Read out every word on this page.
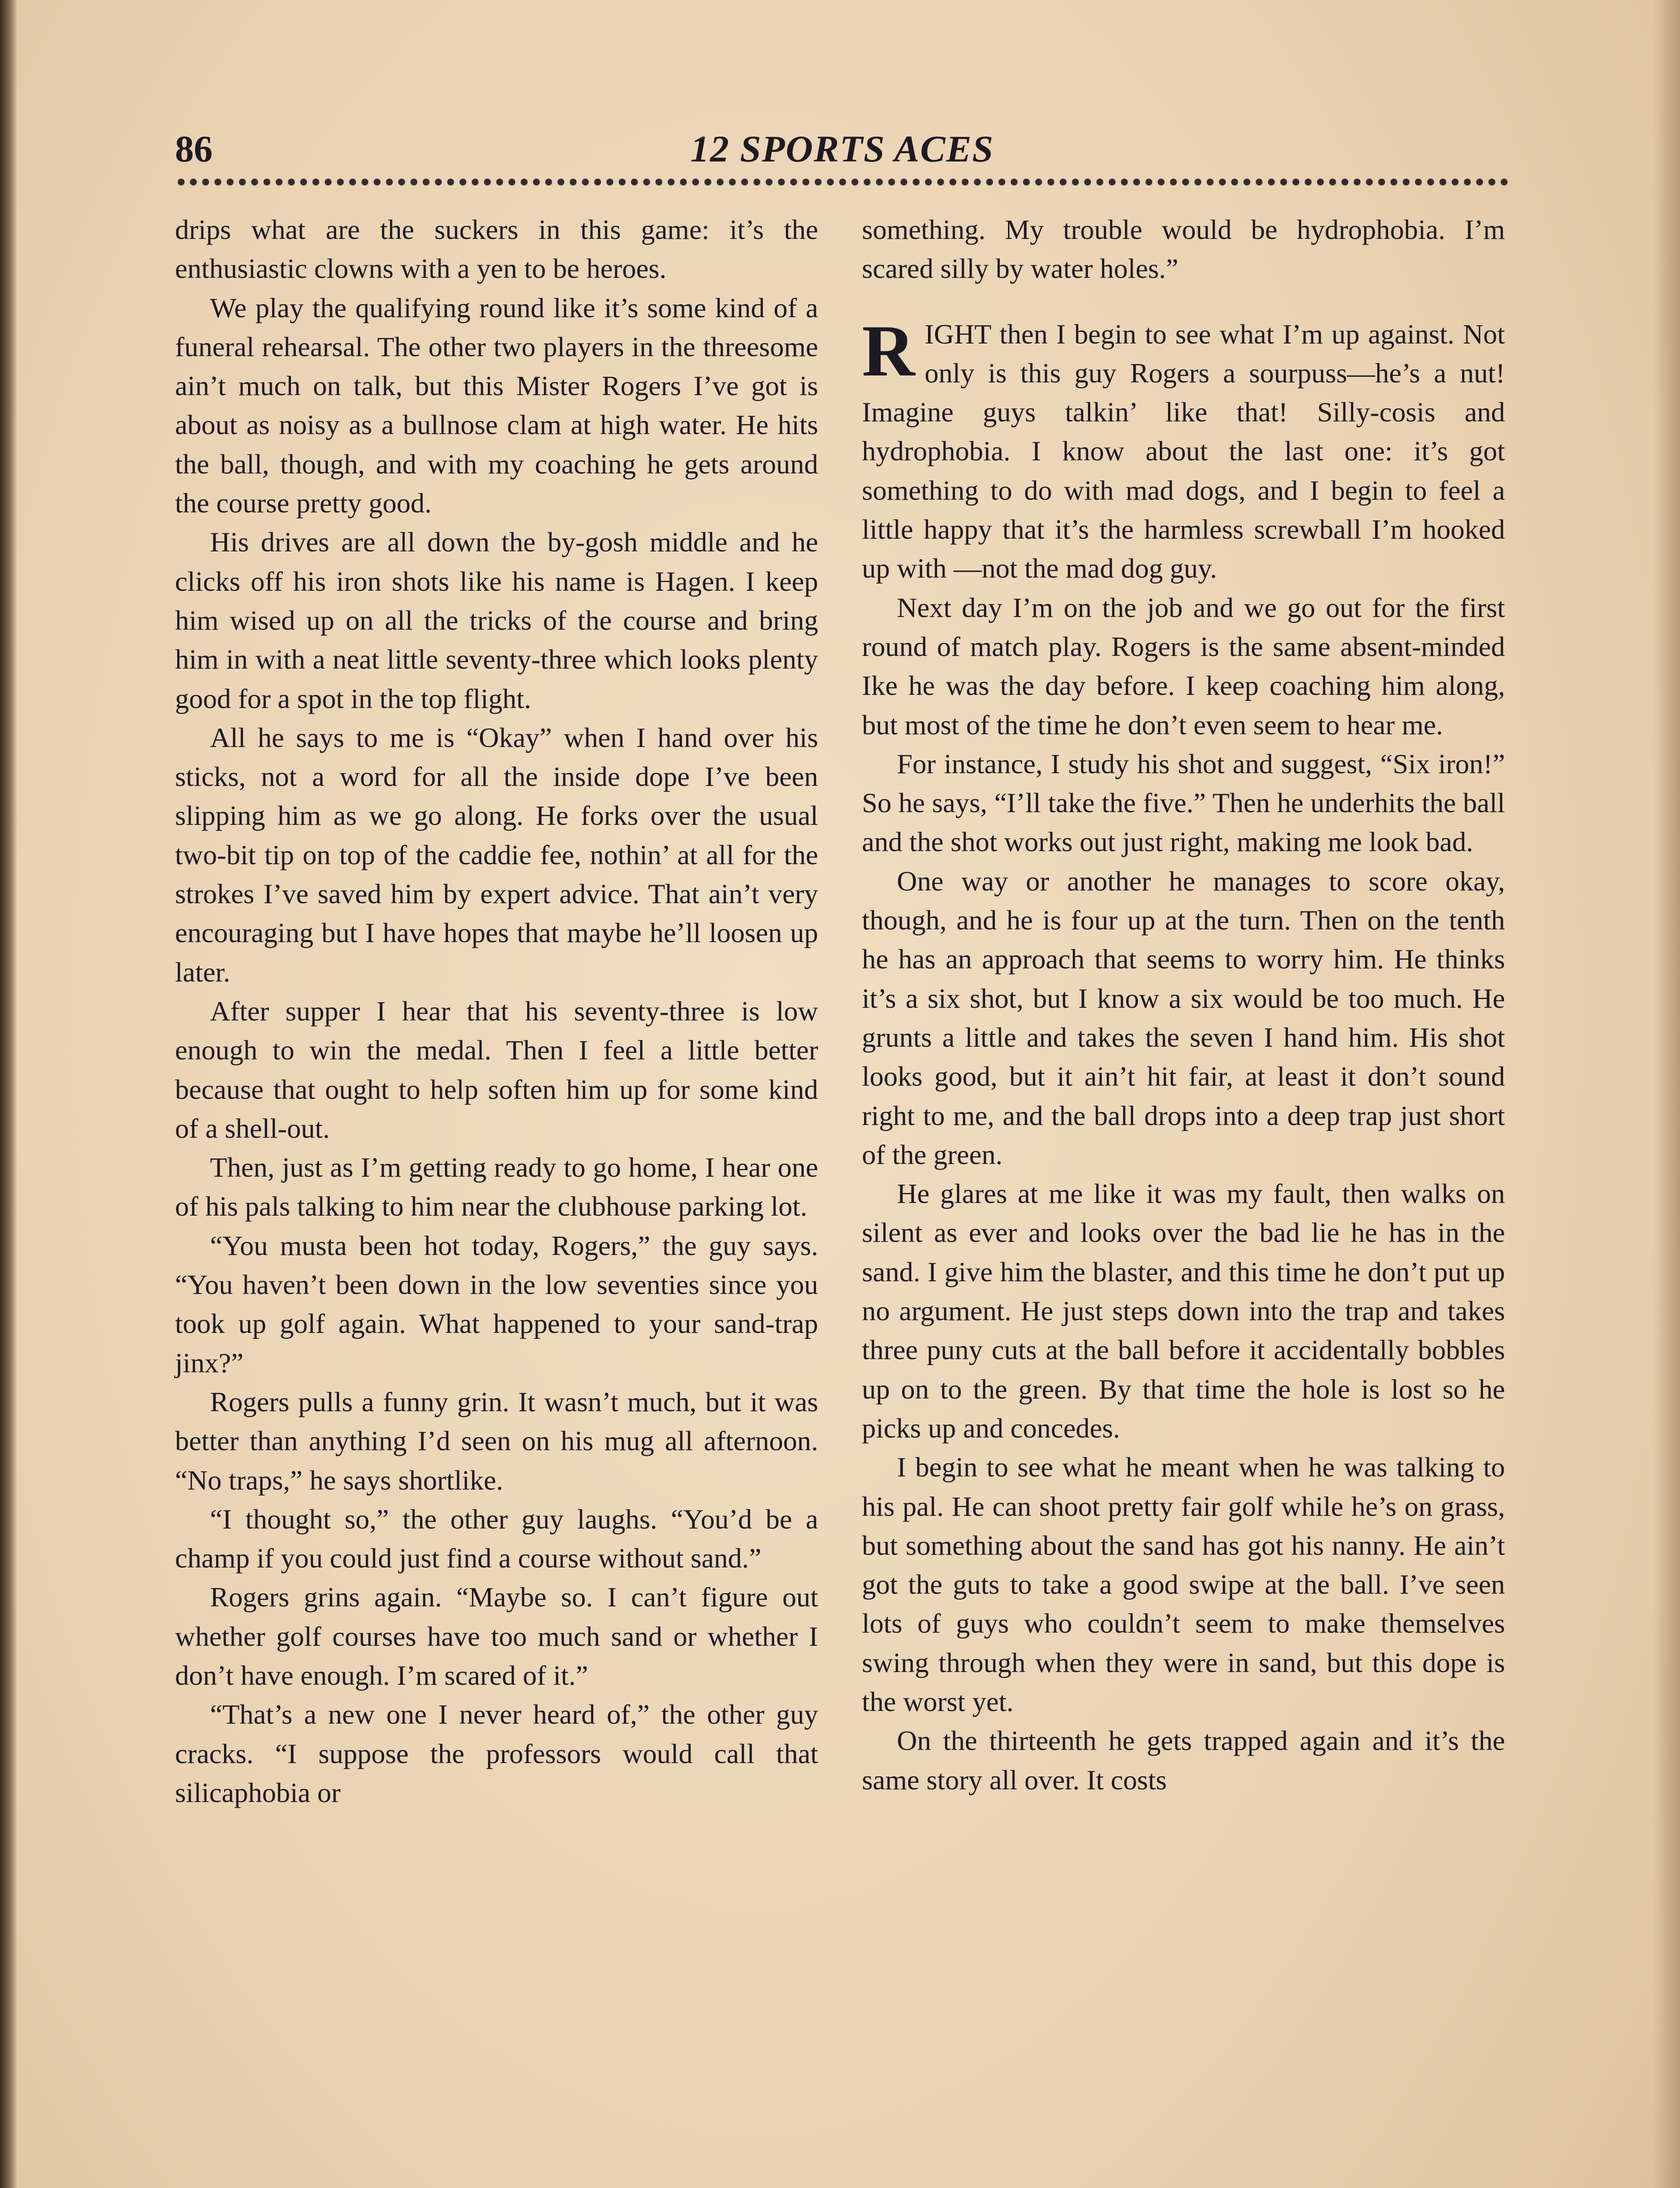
86	12 SPORTS ACES

drips what are the suckers in this game: it’s the enthusiastic clowns with a yen to be heroes.

We play the qualifying round like it’s some kind of a funeral rehearsal. The other two players in the threesome ain’t much on talk, but this Mister Rogers I’ve got is about as noisy as a bullnose clam at high water. He hits the ball, though, and with my coaching he gets around the course pretty good.

His drives are all down the by-gosh middle and he clicks off his iron shots like his name is Hagen. I keep him wised up on all the tricks of the course and bring him in with a neat little seventy-three which looks plenty good for a spot in the top flight.

All he says to me is “Okay” when I hand over his sticks, not a word for all the inside dope I’ve been slipping him as we go along. He forks over the usual two-bit tip on top of the caddie fee, nothin’ at all for the strokes I’ve saved him by expert advice. That ain’t very encouraging but I have hopes that maybe he’ll loosen up later.

After supper I hear that his seventy-three is low enough to win the medal. Then I feel a little better because that ought to help soften him up for some kind of a shell-out.

Then, just as I’m getting ready to go home, I hear one of his pals talking to him near the clubhouse parking lot.

“You musta been hot today, Rogers,” the guy says. “You haven’t been down in the low seventies since you took up golf again. What happened to your sand-trap jinx?”

Rogers pulls a funny grin. It wasn’t much, but it was better than anything I’d seen on his mug all afternoon. “No traps,” he says shortlike.

“I thought so,” the other guy laughs. “You’d be a champ if you could just find a course without sand.”

Rogers grins again. “Maybe so. I can’t figure out whether golf courses have too much sand or whether I don’t have enough. I’m scared of it.”

“That’s a new one I never heard of,” the other guy cracks. “I suppose the professors would call that silicaphobia or

something. My trouble would be hydrophobia. I’m scared silly by water holes.”

RIGHT then I begin to see what I’m up against. Not only is this guy Rogers a sourpuss—he’s a nut! Imagine guys talkin’ like that! Silly-cosis and hydrophobia. I know about the last one: it’s got something to do with mad dogs, and I begin to feel a little happy that it’s the harmless screwball I’m hooked up with —not the mad dog guy.

Next day I’m on the job and we go out for the first round of match play. Rogers is the same absent-minded Ike he was the day before. I keep coaching him along, but most of the time he don’t even seem to hear me.

For instance, I study his shot and suggest, “Six iron!” So he says, “I’ll take the five.” Then he underhits the ball and the shot works out just right, making me look bad.

One way or another he manages to score okay, though, and he is four up at the turn. Then on the tenth he has an approach that seems to worry him. He thinks it’s a six shot, but I know a six would be too much. He grunts a little and takes the seven I hand him. His shot looks good, but it ain’t hit fair, at least it don’t sound right to me, and the ball drops into a deep trap just short of the green.

He glares at me like it was my fault, then walks on silent as ever and looks over the bad lie he has in the sand. I give him the blaster, and this time he don’t put up no argument. He just steps down into the trap and takes three puny cuts at the ball before it accidentally bobbles up on to the green. By that time the hole is lost so he picks up and concedes.

I begin to see what he meant when he was talking to his pal. He can shoot pretty fair golf while he’s on grass, but something about the sand has got his nanny. He ain’t got the guts to take a good swipe at the ball. I’ve seen lots of guys who couldn’t seem to make themselves swing through when they were in sand, but this dope is the worst yet.

On the thirteenth he gets trapped again and it’s the same story all over. It costs
